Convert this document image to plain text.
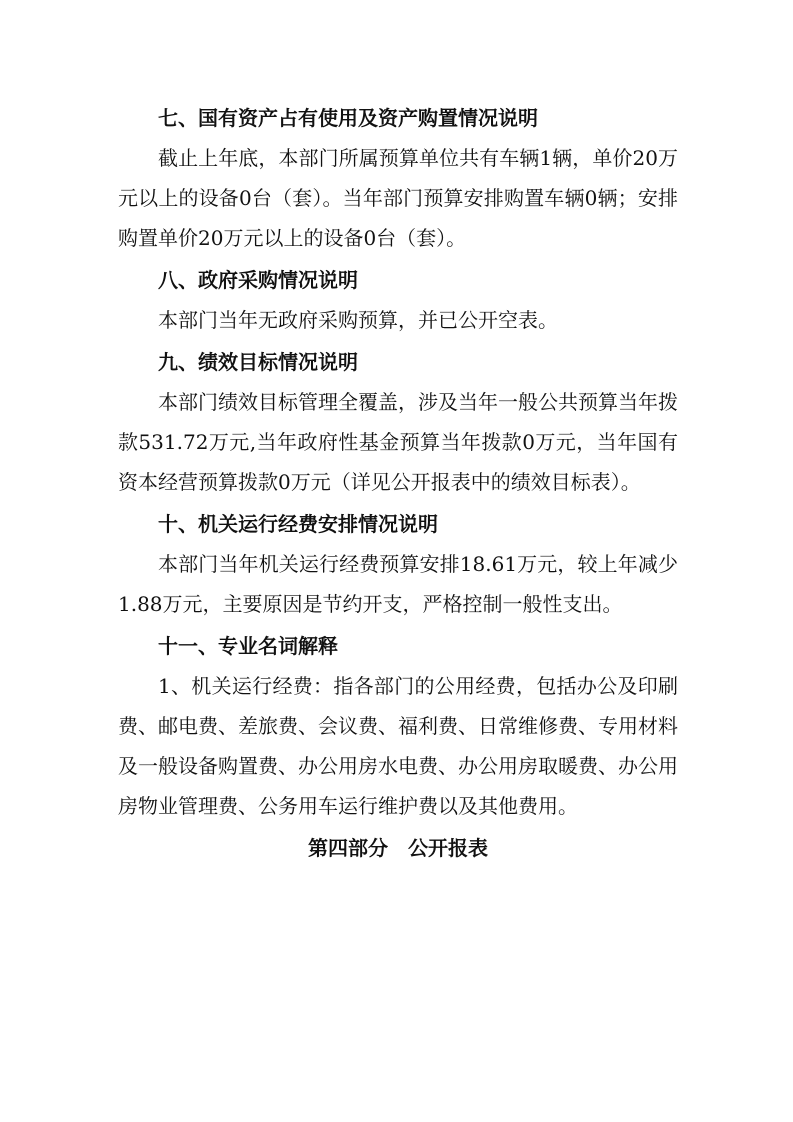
七、国有资产占有使用及资产购置情况说明

截止上年底，本部门所属预算单位共有车辆1辆，单价20万元以上的设备0台（套）。当年部门预算安排购置车辆0辆；安排购置单价20万元以上的设备0台（套）。

八、政府采购情况说明

本部门当年无政府采购预算，并已公开空表。

九、绩效目标情况说明

本部门绩效目标管理全覆盖，涉及当年一般公共预算当年拨款531.72万元,当年政府性基金预算当年拨款0万元，当年国有资本经营预算拨款0万元（详见公开报表中的绩效目标表）。

十、机关运行经费安排情况说明

本部门当年机关运行经费预算安排18.61万元，较上年减少1.88万元，主要原因是节约开支，严格控制一般性支出。

十一、专业名词解释

1、机关运行经费：指各部门的公用经费，包括办公及印刷费、邮电费、差旅费、会议费、福利费、日常维修费、专用材料及一般设备购置费、办公用房水电费、办公用房取暖费、办公用房物业管理费、公务用车运行维护费以及其他费用。

第四部分　公开报表
